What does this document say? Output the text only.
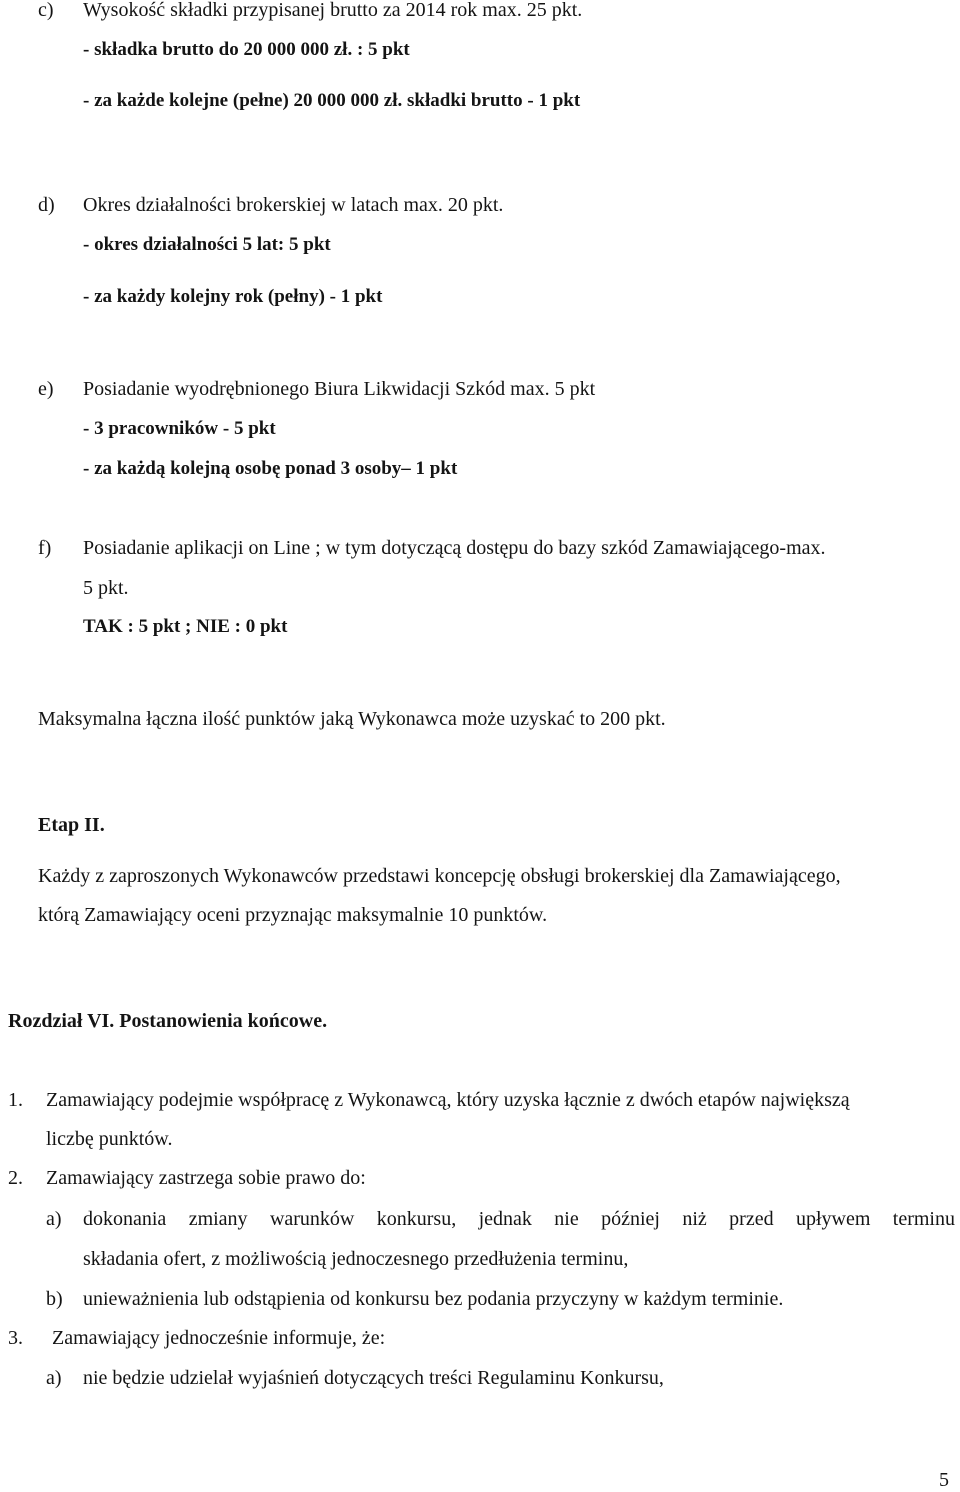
c) Wysokość składki przypisanej brutto za 2014 rok max. 25 pkt.
- składka brutto do 20 000 000 zł. : 5 pkt
- za każde kolejne (pełne) 20 000 000 zł. składki brutto - 1 pkt
d) Okres działalności brokerskiej w latach max. 20 pkt.
- okres działalności 5 lat: 5 pkt
- za każdy kolejny rok (pełny) - 1 pkt
e) Posiadanie wyodrębnionego Biura Likwidacji Szkód max. 5 pkt
- 3 pracowników - 5 pkt
- za każdą kolejną osobę ponad 3 osoby– 1 pkt
f) Posiadanie aplikacji on Line ; w tym dotyczącą dostępu do bazy szkód Zamawiającego-max.
5 pkt.
TAK : 5 pkt ; NIE : 0 pkt
Maksymalna łączna ilość punktów jaką Wykonawca może uzyskać to 200 pkt.
Etap II.
Każdy z zaproszonych Wykonawców przedstawi koncepcję obsługi brokerskiej dla Zamawiającego,
którą Zamawiający oceni przyznając maksymalnie 10 punktów.
Rozdział VI. Postanowienia końcowe.
1. Zamawiający podejmie współpracę z Wykonawcą, który uzyska łącznie z dwóch etapów największą
liczbę punktów.
2. Zamawiający zastrzega sobie prawo do:
a) dokonania zmiany warunków konkursu, jednak nie później niż przed upływem terminu
składania ofert, z możliwością jednoczesnego przedłużenia terminu,
b) unieważnienia lub odstąpienia od konkursu bez podania przyczyny w każdym terminie.
3. Zamawiający jednocześnie informuje, że:
a) nie będzie udzielał wyjaśnień dotyczących treści Regulaminu Konkursu,
5
